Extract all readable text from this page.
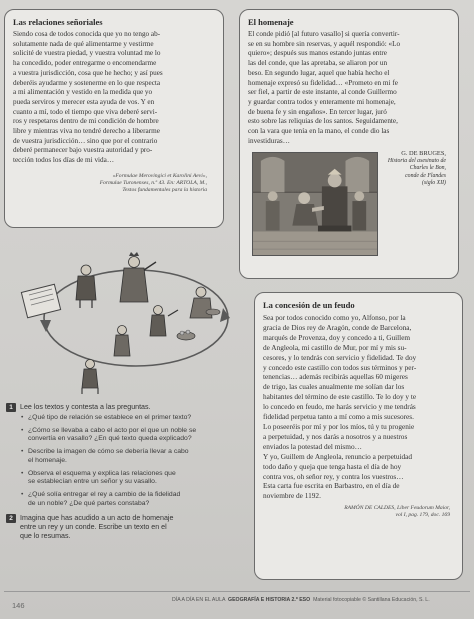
Las relaciones señoriales
Siendo cosa de todos conocida que yo no tengo ab-
solutamente nada de qué alimentarme y vestirme
solicité de vuestra piedad, y vuestra voluntad me lo
ha concedido, poder entregarme o encomendarme
a vuestra jurisdicción, cosa que he hecho; y así pues
deberéis ayudarme y sostenerme en lo que respecta
a mi alimentación y vestido en la medida que yo
pueda serviros y merecer esta ayuda de vos. Y en
cuanto a mí, todo el tiempo que viva deberé servi-
ros y respetaros dentro de mi condición de hombre
libre y mientras viva no tendré derecho a liberarme
de vuestra jurisdicción… sino que por el contrario
deberé permanecer bajo vuestra autoridad y pro-
tección todos los días de mi vida…
«Formulae Merovingici et Karolini Aevi»,
Formulae Turonenses, n.º 43. En: ARTOLA, M.,
Textos fundamentales para la historia
El homenaje
El conde pidió [al futuro vasallo] si quería convertir-
se en su hombre sin reservas, y aquél respondió: «Lo
quiero»; después sus manos estando juntas entre
las del conde, que las apretaba, se aliaron por un
beso. En segundo lugar, aquel que había hecho el
homenaje expresó su fidelidad… «Prometo en mi fe
ser fiel, a partir de este instante, al conde Guillermo
y guardar contra todos y enteramente mi homenaje,
de buena fe y sin engaños». En tercer lugar, juró
esto sobre las reliquias de los santos. Seguidamente,
con la vara que tenía en la mano, el conde dio las
investiduras…
G. DE BRUGES,
Historia del asesinato de
Charles le Bon,
conde de Flandes
(siglo XII)
La concesión de un feudo
Sea por todos conocido como yo, Alfonso, por la
gracia de Dios rey de Aragón, conde de Barcelona,
marqués de Provenza, doy y concedo a ti, Guillem
de Angleola, mi castillo de Mur, por mí y mis su-
cesores, y lo tendrás con servicio y fidelidad. Te doy
y concedo este castillo con todos sus términos y per-
tenencias… además recibirás aquellas 60 migeres
de trigo, las cuales anualmente me solían dar los
habitantes del término de este castillo. Te lo doy y te
lo concedo en feudo, me harás servicio y me tendrás
fidelidad perpetua tanto a mí como a mis sucesores.
Lo poseeréis por mí y por los míos, tú y tu progenie
a perpetuidad, y nos darás a nosotros y a nuestros
enviados la potestad del mismo…
Y yo, Guillem de Angleola, renuncio a perpetuidad
todo daño y queja que tenga hasta el día de hoy
contra vos, oh señor rey, y contra los vuestros…
Esta carta fue escrita en Barbastro, en el día de
noviembre de 1192.
RAMÓN DE CALDES, Liber Feudorum Maior,
vol I, pag. 179, doc. 169
1	Lee los textos y contesta a las preguntas.
• ¿Qué tipo de relación se establece en el primer texto?
• ¿Cómo se llevaba a cabo el acto por el que un noble se
convertía en vasallo? ¿En qué texto queda explicado?
• Describe la imagen de cómo se debería llevar a cabo
el homenaje.
• Observa el esquema y explica las relaciones que
se establecían entre un señor y su vasallo.
• ¿Qué solía entregar el rey a cambio de la fidelidad
de un noble? ¿De qué partes constaba?
2	Imagina que has acudido a un acto de homenaje
entre un rey y un conde. Escribe un texto en el
que lo resumas.
146
DÍA A DÍA EN EL AULA GEOGRAFÍA E HISTORIA 2.º ESO Material fotocopiable © Santillana Educación, S. L.
